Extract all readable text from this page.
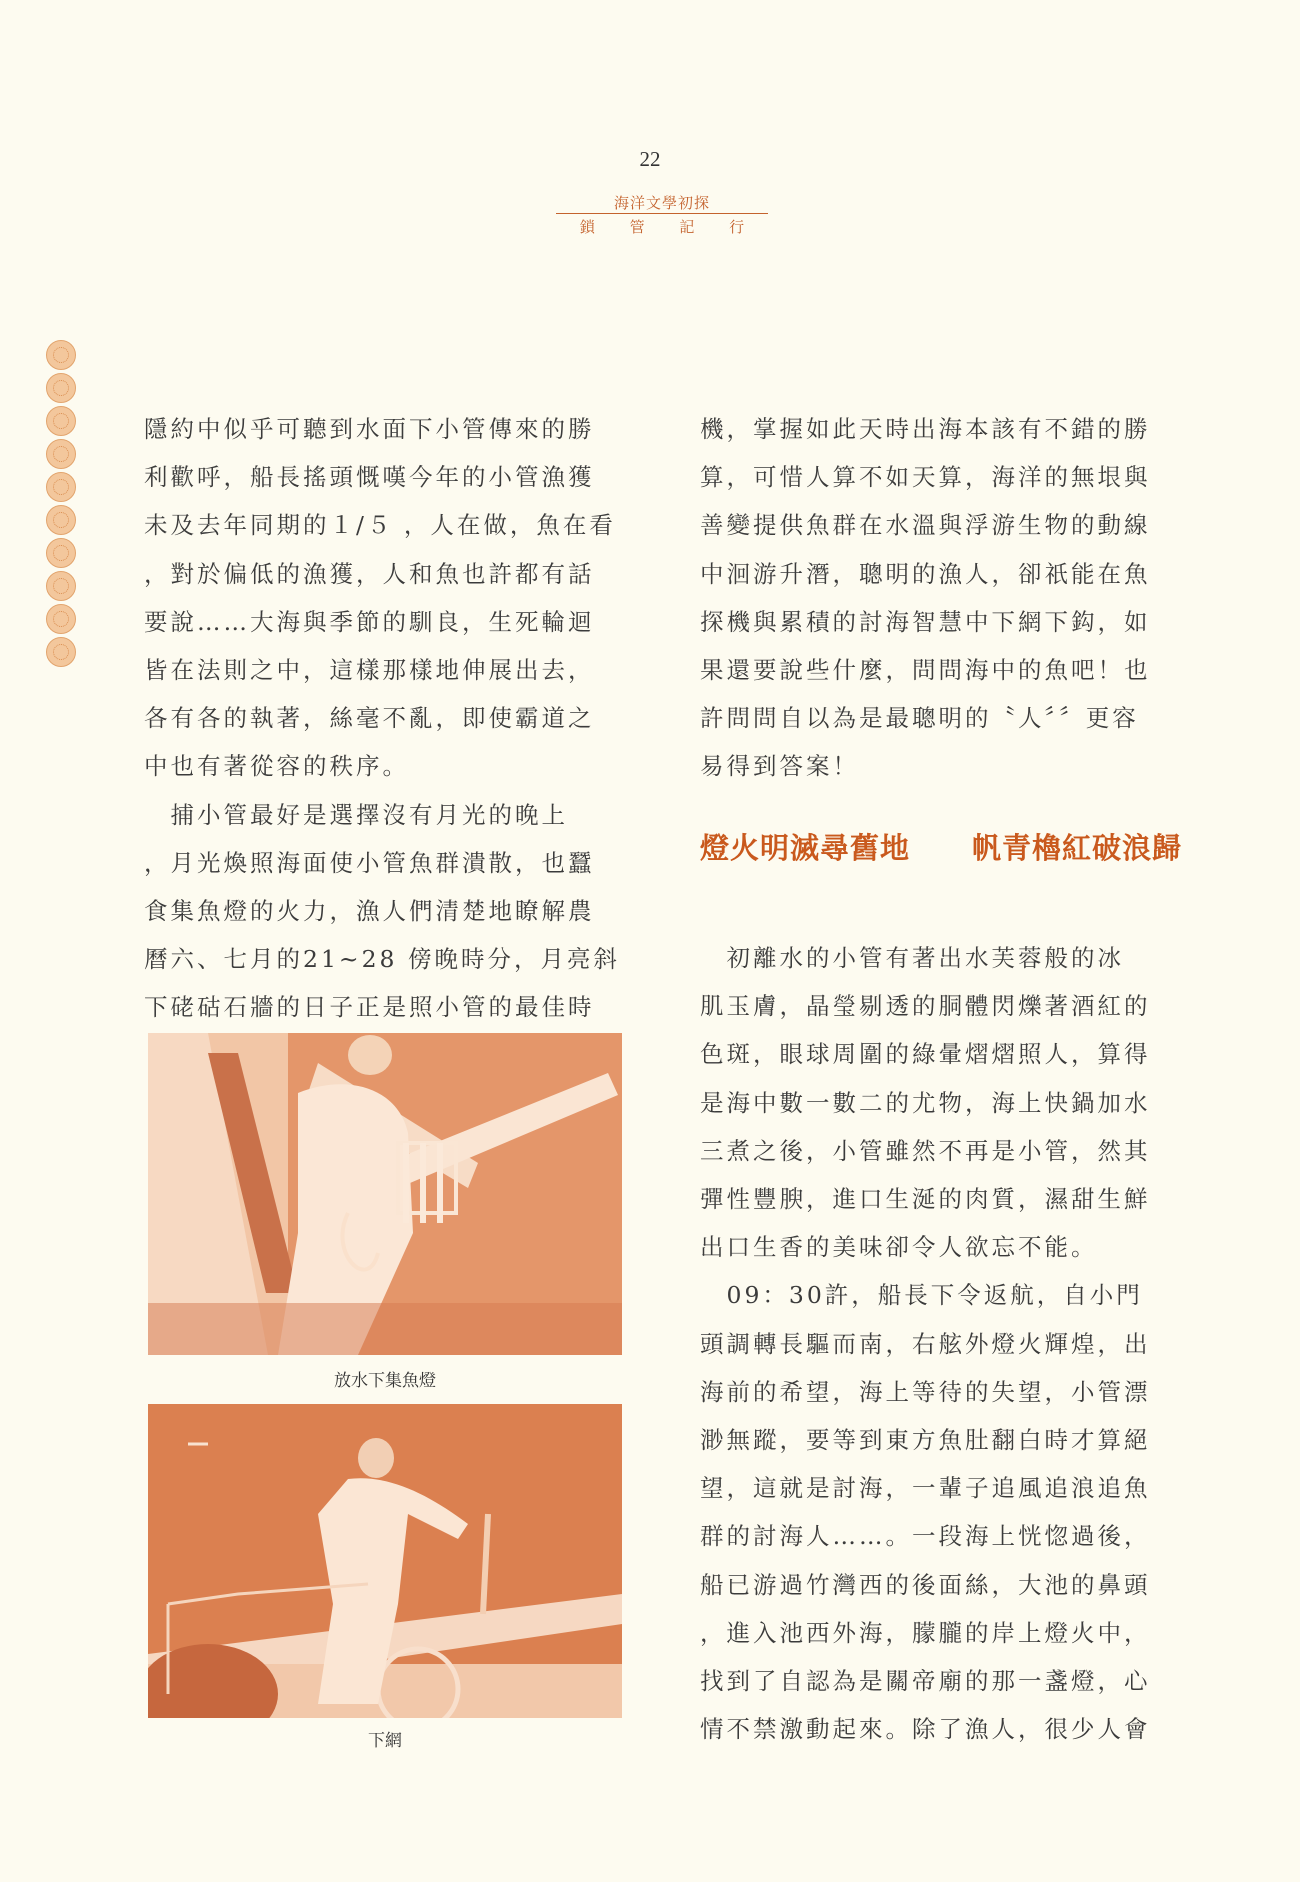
22
海洋文學初探
鎖 管 記 行

隱約中似乎可聽到水面下小管傳來的勝

利歡呼，船長搖頭慨嘆今年的小管漁獲

未及去年同期的１/５ ，人在做，魚在看

，對於偏低的漁獲，人和魚也許都有話

要說……大海與季節的馴良，生死輪迴

皆在法則之中，這樣那樣地伸展出去，

各有各的執著，絲毫不亂，即使霸道之

中也有著從容的秩序。

　捕小管最好是選擇沒有月光的晚上

，月光煥照海面使小管魚群潰散，也蠶

食集魚燈的火力，漁人們清楚地瞭解農

曆六、七月的21~28 傍晚時分，月亮斜

下硓𥑮石牆的日子正是照小管的最佳時

放水下集魚燈
下網

機，掌握如此天時出海本該有不錯的勝

算，可惜人算不如天算，海洋的無垠與

善變提供魚群在水溫與浮游生物的動線

中洄游升潛，聰明的漁人，卻祇能在魚

探機與累積的討海智慧中下網下鈎，如

果還要說些什麼，問問海中的魚吧！也

許問問自以為是最聰明的〝人〞〞更容

易得到答案！

燈火明滅尋舊地 帆青櫓紅破浪歸

　初離水的小管有著出水芙蓉般的冰

肌玉膚，晶瑩剔透的胴體閃爍著酒紅的

色斑，眼球周圍的綠暈熠熠照人，算得

是海中數一數二的尤物，海上快鍋加水

三煮之後，小管雖然不再是小管，然其

彈性豐腴，進口生涎的肉質，濕甜生鮮

出口生香的美味卻令人欲忘不能。

　09：30許，船長下令返航，自小門

頭調轉長驅而南，右舷外燈火輝煌，出

海前的希望，海上等待的失望，小管漂

渺無蹤，要等到東方魚肚翻白時才算絕

望，這就是討海，一輩子追風追浪追魚

群的討海人……。一段海上恍惚過後，

船已游過竹灣西的後面絲，大池的鼻頭

，進入池西外海，朦朧的岸上燈火中，

找到了自認為是關帝廟的那一盞燈，心

情不禁激動起來。除了漁人，很少人會
